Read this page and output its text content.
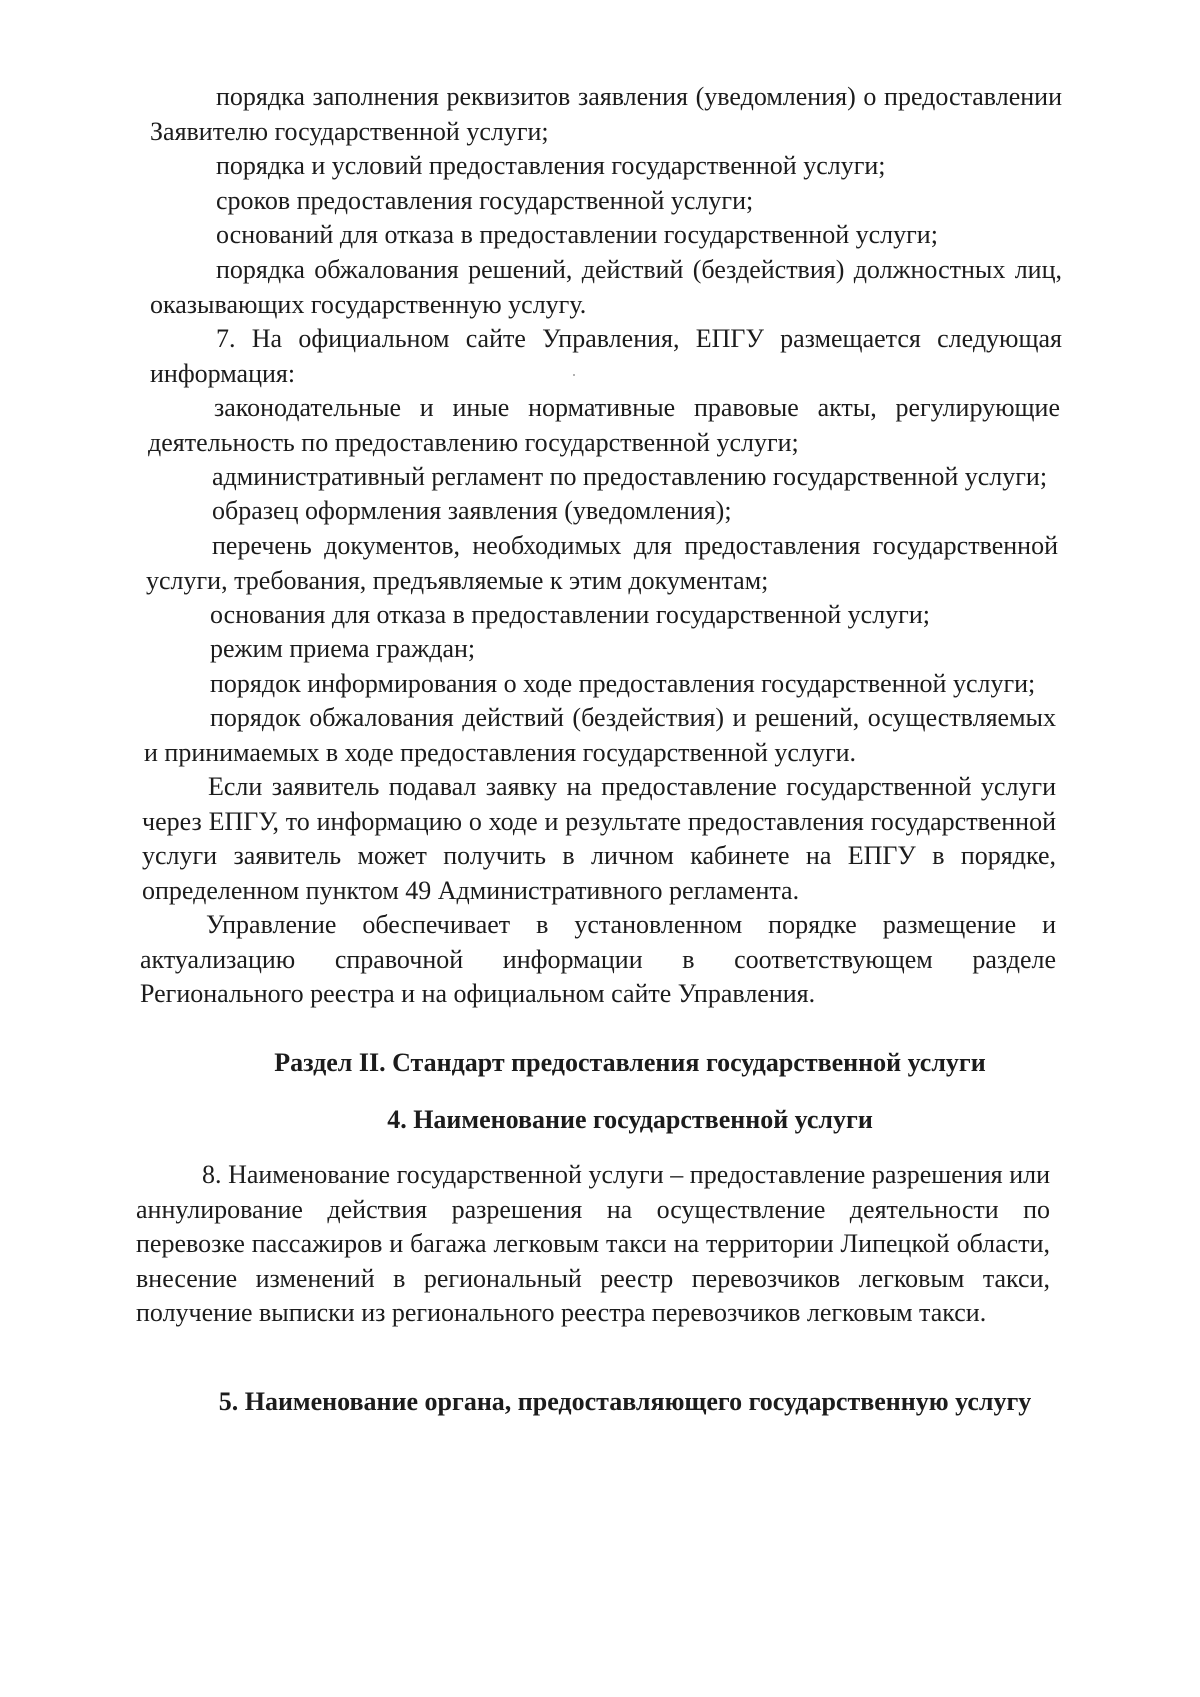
порядка заполнения реквизитов заявления (уведомления) о предоставлении Заявителю государственной услуги;

порядка и условий предоставления государственной услуги;

сроков предоставления государственной услуги;

оснований для отказа в предоставлении государственной услуги;

порядка обжалования решений, действий (бездействия) должностных лиц, оказывающих государственную услугу.

7. На официальном сайте Управления, ЕПГУ размещается следующая информация:

законодательные и иные нормативные правовые акты, регулирующие деятельность по предоставлению государственной услуги;

административный регламент по предоставлению государственной услуги;

образец оформления заявления (уведомления);

перечень документов, необходимых для предоставления государственной услуги, требования, предъявляемые к этим документам;

основания для отказа в предоставлении государственной услуги;

режим приема граждан;

порядок информирования о ходе предоставления государственной услуги;

порядок обжалования действий (бездействия) и решений, осуществляемых и принимаемых в ходе предоставления государственной услуги.

Если заявитель подавал заявку на предоставление государственной услуги через ЕПГУ, то информацию о ходе и результате предоставления государственной услуги заявитель может получить в личном кабинете на ЕПГУ в порядке, определенном пунктом 49 Административного регламента.

Управление обеспечивает в установленном порядке размещение и актуализацию справочной информации в соответствующем разделе Регионального реестра и на официальном сайте Управления.

Раздел II. Стандарт предоставления государственной услуги
4. Наименование государственной услуги

8. Наименование государственной услуги – предоставление разрешения или аннулирование действия разрешения на осуществление деятельности по перевозке пассажиров и багажа легковым такси на территории Липецкой области, внесение изменений в региональный реестр перевозчиков легковым такси, получение выписки из регионального реестра перевозчиков легковым такси.

5. Наименование органа, предоставляющего государственную услугу
